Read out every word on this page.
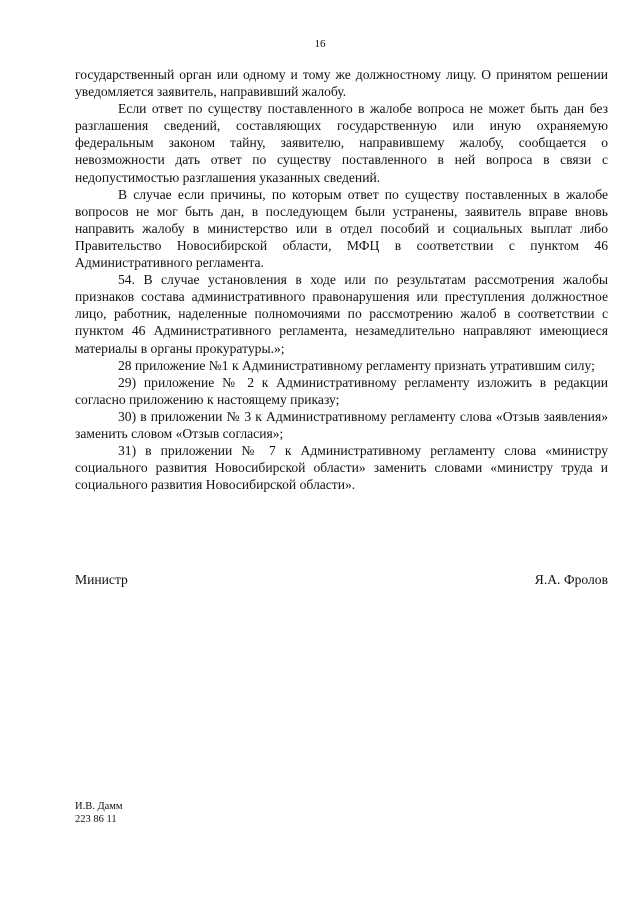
16

государственный орган или одному и тому же должностному лицу. О принятом решении уведомляется заявитель, направивший жалобу.

Если ответ по существу поставленного в жалобе вопроса не может быть дан без разглашения сведений, составляющих государственную или иную охраняемую федеральным законом тайну, заявителю, направившему жалобу, сообщается о невозможности дать ответ по существу поставленного в ней вопроса в связи с недопустимостью разглашения указанных сведений.

В случае если причины, по которым ответ по существу поставленных в жалобе вопросов не мог быть дан, в последующем были устранены, заявитель вправе вновь направить жалобу в министерство или в отдел пособий и социальных выплат либо Правительство Новосибирской области, МФЦ в соответствии с пунктом 46 Административного регламента.

54. В случае установления в ходе или по результатам рассмотрения жалобы признаков состава административного правонарушения или преступления должностное лицо, работник, наделенные полномочиями по рассмотрению жалоб в соответствии с пунктом 46 Административного регламента, незамедлительно направляют имеющиеся материалы в органы прокуратуры.»;

28 приложение №1 к Административному регламенту признать утратившим силу;

29) приложение № 2 к Административному регламенту изложить в редакции согласно приложению к настоящему приказу;

30) в приложении № 3 к Административному регламенту слова «Отзыв заявления» заменить словом «Отзыв согласия»;

31) в приложении № 7 к Административному регламенту слова «министру социального развития Новосибирской области» заменить словами «министру труда и социального развития Новосибирской области».

Министр	Я.А. Фролов
И.В. Дамм
223 86 11
